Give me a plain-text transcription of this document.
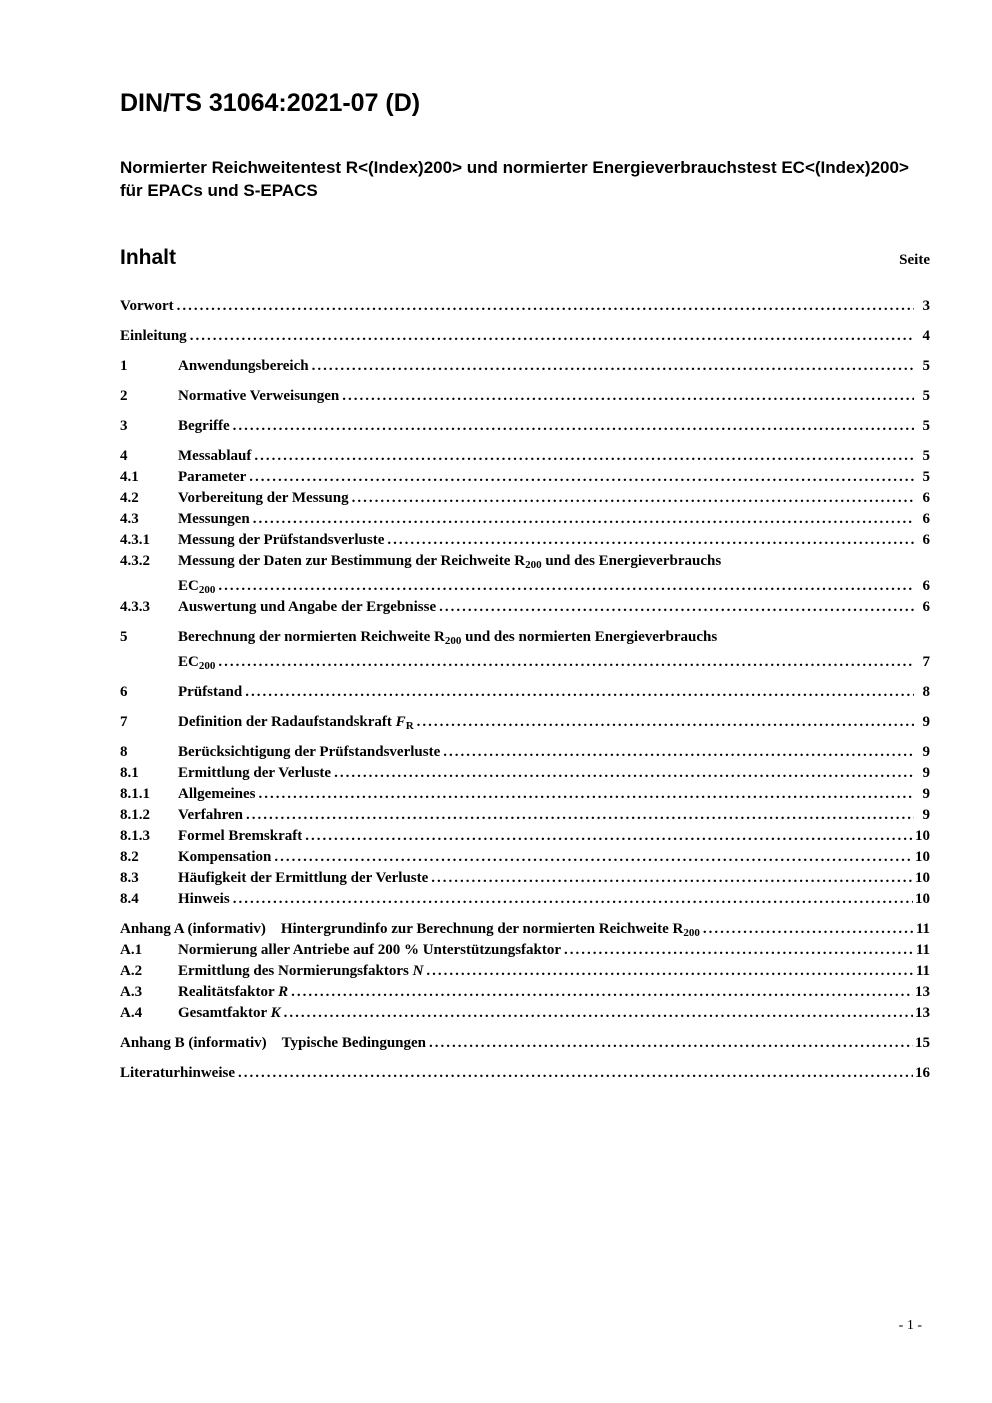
DIN/TS 31064:2021-07 (D)
Normierter Reichweitentest R<(Index)200> und normierter Energieverbrauchstest EC<(Index)200> für EPACs und S-EPACS
Inhalt	Seite
Vorwort .....	3
Einleitung .....	4
1	Anwendungsbereich .....	5
2	Normative Verweisungen .....	5
3	Begriffe .....	5
4	Messablauf .....	5
4.1	Parameter .....	5
4.2	Vorbereitung der Messung .....	6
4.3	Messungen .....	6
4.3.1	Messung der Prüfstandsverluste .....	6
4.3.2	Messung der Daten zur Bestimmung der Reichweite $R_{200}$ und des Energieverbrauchs
$EC_{200}$ .....	6
4.3.3	Auswertung und Angabe der Ergebnisse .....	6
5	Berechnung der normierten Reichweite $R_{200}$ und des normierten Energieverbrauchs
$EC_{200}$ .....	7
6	Prüfstand .....	8
7	Definition der Radaufstandskraft $F_R$ .....	9
8	Berücksichtigung der Prüfstandsverluste .....	9
8.1	Ermittlung der Verluste .....	9
8.1.1	Allgemeines .....	9
8.1.2	Verfahren .....	9
8.1.3	Formel Bremskraft .....	10
8.2	Kompensation .....	10
8.3	Häufigkeit der Ermittlung der Verluste .....	10
8.4	Hinweis .....	10
Anhang A (informativ) Hintergrundinfo zur Berechnung der normierten Reichweite $R_{200}$ .....	11
A.1	Normierung aller Antriebe auf 200 % Unterstützungsfaktor .....	11
A.2	Ermittlung des Normierungsfaktors N .....	11
A.3	Realitätsfaktor R .....	13
A.4	Gesamtfaktor K .....	13
Anhang B (informativ) Typische Bedingungen .....	15
Literaturhinweise .....	16
- 1 -
